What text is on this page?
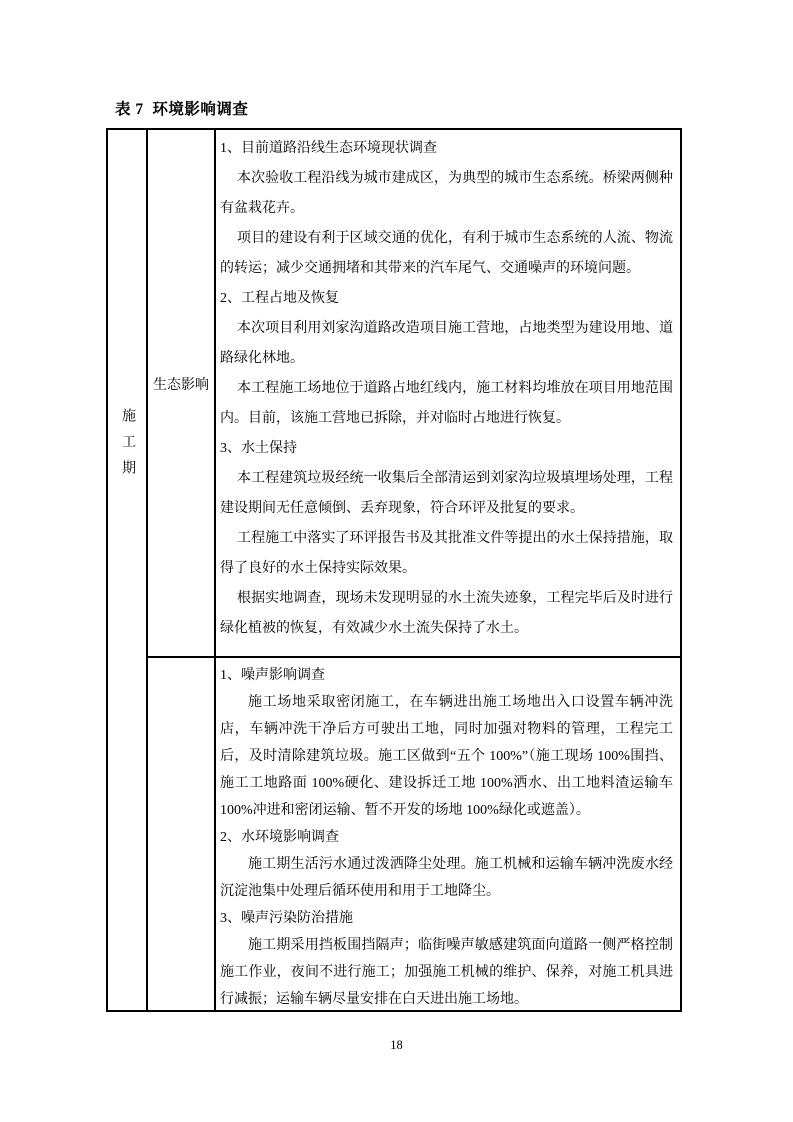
表 7  环境影响调查
施工期
生态影响
1、目前道路沿线生态环境现状调查
本次验收工程沿线为城市建成区，为典型的城市生态系统。桥梁两侧种有盆栽花卉。
项目的建设有利于区域交通的优化，有利于城市生态系统的人流、物流的转运；减少交通拥堵和其带来的汽车尾气、交通噪声的环境问题。
2、工程占地及恢复
本次项目利用刘家沟道路改造项目施工营地，占地类型为建设用地、道路绿化林地。
本工程施工场地位于道路占地红线内，施工材料均堆放在项目用地范围内。目前，该施工营地已拆除，并对临时占地进行恢复。
3、水土保持
本工程建筑垃圾经统一收集后全部清运到刘家沟垃圾填埋场处理，工程建设期间无任意倾倒、丢弃现象，符合环评及批复的要求。
工程施工中落实了环评报告书及其批准文件等提出的水土保持措施，取得了良好的水土保持实际效果。
根据实地调查，现场未发现明显的水土流失迹象，工程完毕后及时进行绿化植被的恢复，有效减少水土流失保持了水土。
1、噪声影响调查
施工场地采取密闭施工，在车辆进出施工场地出入口设置车辆冲洗店，车辆冲洗干净后方可驶出工地，同时加强对物料的管理，工程完工后，及时清除建筑垃圾。施工区做到“五个 100%”（施工现场 100%围挡、施工工地路面 100%硬化、建设拆迁工地 100%洒水、出工地料渣运输车 100%冲进和密闭运输、暂不开发的场地 100%绿化或遮盖）。
2、水环境影响调查
施工期生活污水通过泼洒降尘处理。施工机械和运输车辆冲洗废水经沉淀池集中处理后循环使用和用于工地降尘。
3、噪声污染防治措施
施工期采用挡板围挡隔声；临街噪声敏感建筑面向道路一侧严格控制施工作业，夜间不进行施工；加强施工机械的维护、保养，对施工机具进行减振；运输车辆尽量安排在白天进出施工场地。
18
